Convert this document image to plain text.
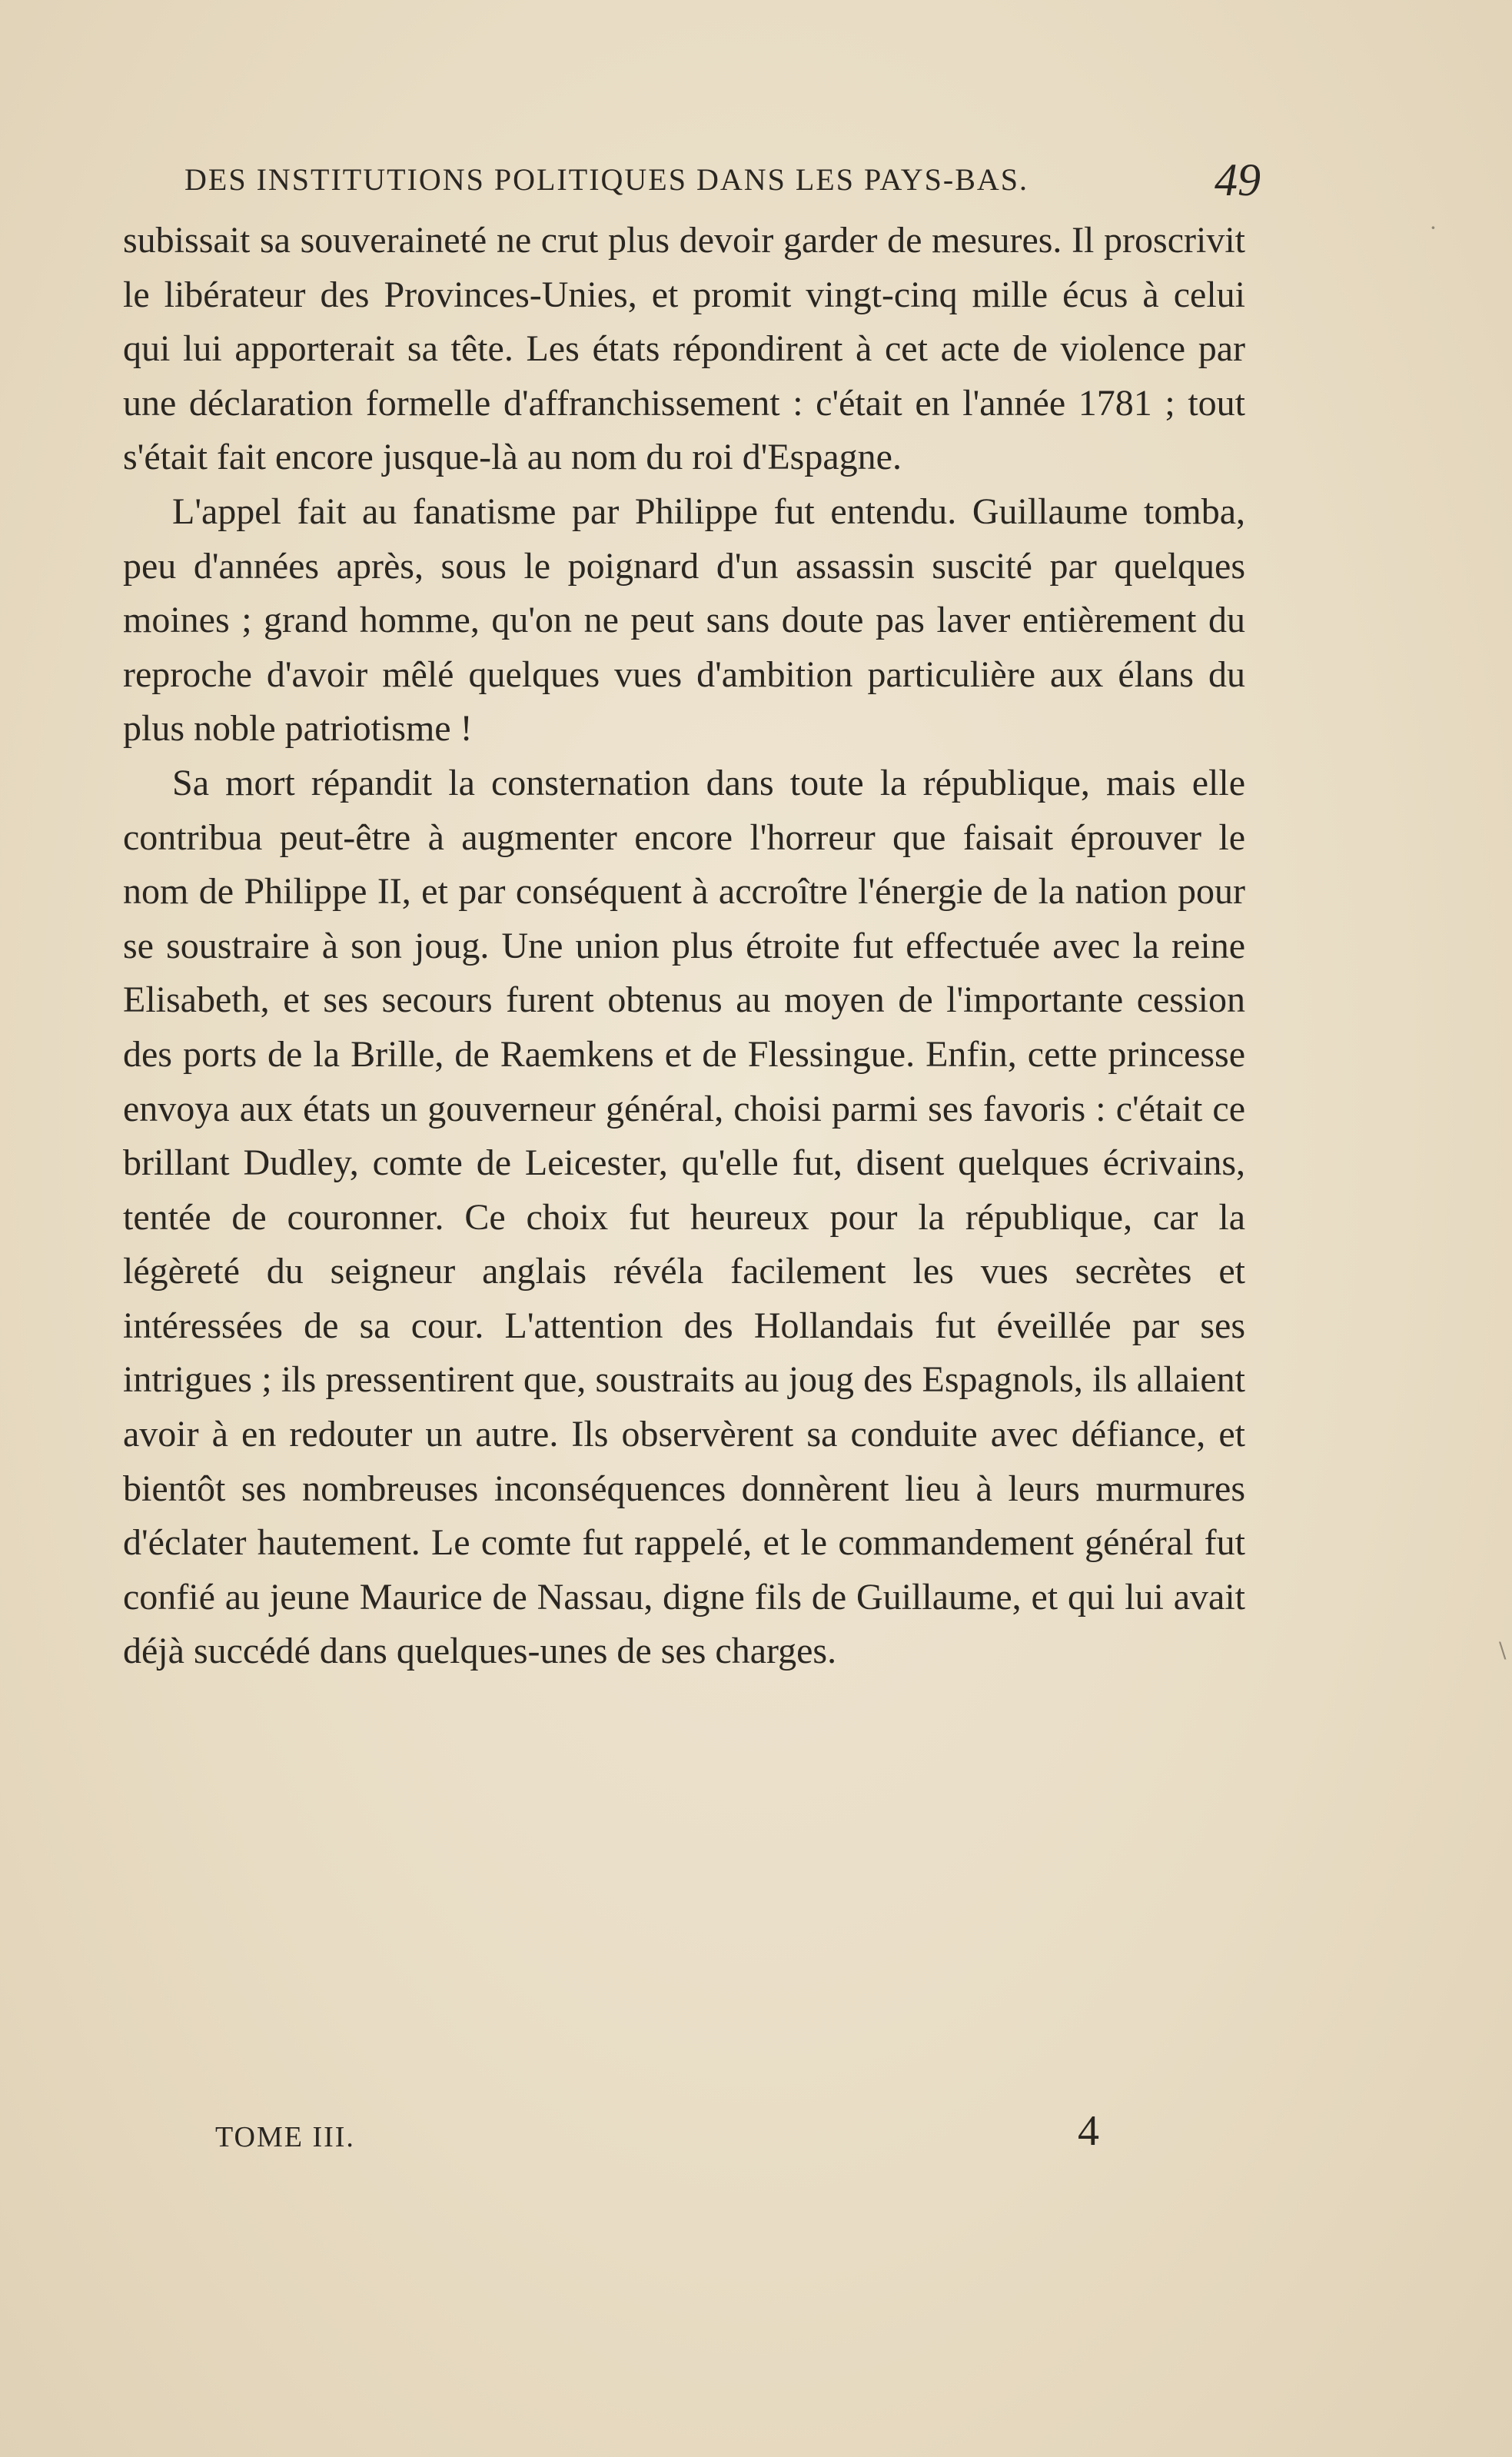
DES INSTITUTIONS POLITIQUES DANS LES PAYS-BAS.	49

subissait sa souveraineté ne crut plus devoir garder de mesures. Il proscrivit le libérateur des Provinces-Unies, et promit vingt-cinq mille écus à celui qui lui apporterait sa tête. Les états répondirent à cet acte de violence par une déclaration formelle d'affranchissement : c'était en l'année 1781 ; tout s'était fait encore jusque-là au nom du roi d'Espagne.

L'appel fait au fanatisme par Philippe fut entendu. Guillaume tomba, peu d'années après, sous le poignard d'un assassin suscité par quelques moines ; grand homme, qu'on ne peut sans doute pas laver entièrement du reproche d'avoir mêlé quelques vues d'ambition particulière aux élans du plus noble patriotisme !

Sa mort répandit la consternation dans toute la république, mais elle contribua peut-être à augmenter encore l'horreur que faisait éprouver le nom de Philippe II, et par conséquent à accroître l'énergie de la nation pour se soustraire à son joug. Une union plus étroite fut effectuée avec la reine Elisabeth, et ses secours furent obtenus au moyen de l'importante cession des ports de la Brille, de Raemkens et de Flessingue. Enfin, cette princesse envoya aux états un gouverneur général, choisi parmi ses favoris : c'était ce brillant Dudley, comte de Leicester, qu'elle fut, disent quelques écrivains, tentée de couronner. Ce choix fut heureux pour la république, car la légèreté du seigneur anglais révéla facilement les vues secrètes et intéressées de sa cour. L'attention des Hollandais fut éveillée par ses intrigues ; ils pressentirent que, soustraits au joug des Espagnols, ils allaient avoir à en redouter un autre. Ils observèrent sa conduite avec défiance, et bientôt ses nombreuses inconséquences donnèrent lieu à leurs murmures d'éclater hautement. Le comte fut rappelé, et le commandement général fut confié au jeune Maurice de Nassau, digne fils de Guillaume, et qui lui avait déjà succédé dans quelques-unes de ses charges.

TOME III.	4
·
\
